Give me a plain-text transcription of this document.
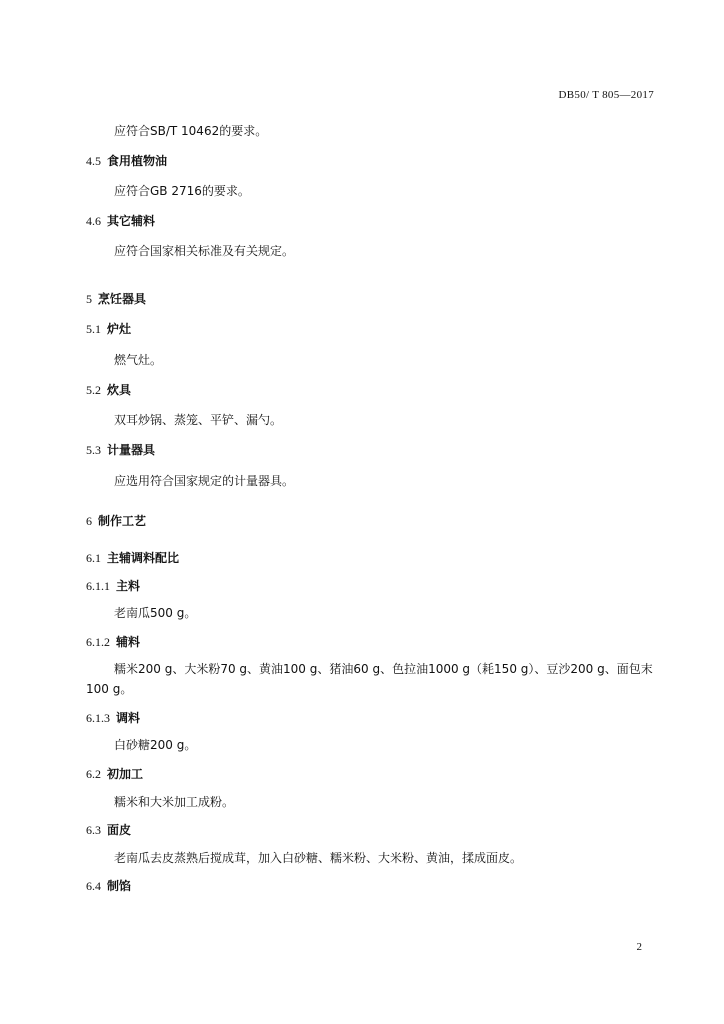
DB50/ T 805—2017
应符合SB/T 10462的要求。
4.5 食用植物油
应符合GB 2716的要求。
4.6 其它辅料
应符合国家相关标准及有关规定。
5 烹饪器具
5.1 炉灶
燃气灶。
5.2 炊具
双耳炒锅、蒸笼、平铲、漏勺。
5.3 计量器具
应选用符合国家规定的计量器具。
6 制作工艺
6.1 主辅调料配比
6.1.1 主料
老南瓜500 g。
6.1.2 辅料
糯米200 g、大米粉70 g、黄油100 g、猪油60 g、色拉油1000 g（耗150 g）、豆沙200 g、面包末
100 g。
6.1.3 调料
白砂糖200 g。
6.2 初加工
糯米和大米加工成粉。
6.3 面皮
老南瓜去皮蒸熟后搅成茸，加入白砂糖、糯米粉、大米粉、黄油，揉成面皮。
6.4 制馅
2
